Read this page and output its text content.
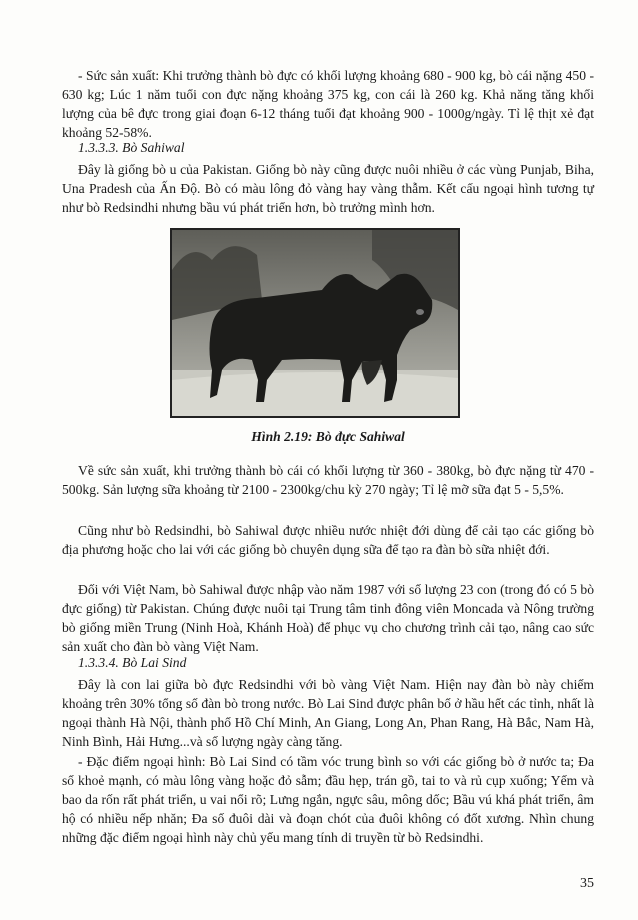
- Sức sản xuất: Khi trưởng thành bò đực có khối lượng khoảng 680 - 900 kg, bò cái nặng 450 - 630 kg; Lúc 1 năm tuổi con đực nặng khoảng 375 kg, con cái là 260 kg. Khả năng tăng khối lượng của bê đực trong giai đoạn 6-12 tháng tuổi đạt khoảng 900 - 1000g/ngày. Tỉ lệ thịt xẻ đạt khoảng 52-58%.

1.3.3.3. Bò Sahiwal

Đây là giống bò u của Pakistan. Giống bò này cũng được nuôi nhiều ở các vùng Punjab, Biha, Una Pradesh của Ấn Độ. Bò có màu lông đỏ vàng hay vàng thẫm. Kết cấu ngoại hình tương tự như bò Redsindhi nhưng bầu vú phát triển hơn, bò trưởng mình hơn.

Hình 2.19: Bò đực Sahiwal

Về sức sản xuất, khi trưởng thành bò cái có khối lượng từ 360 - 380kg, bò đực nặng từ 470 - 500kg. Sản lượng sữa khoảng từ 2100 - 2300kg/chu kỳ 270 ngày; Tỉ lệ mỡ sữa đạt 5 - 5,5%.

Cũng như bò Redsindhi, bò Sahiwal được nhiều nước nhiệt đới dùng để cải tạo các giống bò địa phương hoặc cho lai với các giống bò chuyên dụng sữa để tạo ra đàn bò sữa nhiệt đới.

Đối với Việt Nam, bò Sahiwal được nhập vào năm 1987 với số lượng 23 con (trong đó có 5 bò đực giống) từ Pakistan. Chúng được nuôi tại Trung tâm tinh đông viên Moncada và Nông trường bò giống miền Trung (Ninh Hoà, Khánh Hoà) để phục vụ cho chương trình cải tạo, nâng cao sức sản xuất cho đàn bò vàng Việt Nam.

1.3.3.4. Bò Lai Sind

Đây là con lai giữa bò đực Redsindhi với bò vàng Việt Nam. Hiện nay đàn bò này chiếm khoảng trên 30% tổng số đàn bò trong nước. Bò Lai Sind được phân bố ở hầu hết các tỉnh, nhất là ngoại thành Hà Nội, thành phố Hồ Chí Minh, An Giang, Long An, Phan Rang, Hà Bắc, Nam Hà, Ninh Bình, Hải Hưng...và số lượng ngày càng tăng.

- Đặc điểm ngoại hình: Bò Lai Sind có tầm vóc trung bình so với các giống bò ở nước ta; Đa số khoẻ mạnh, có màu lông vàng hoặc đỏ sẫm; đầu hẹp, trán gồ, tai to và rủ cụp xuống; Yếm và bao da rốn rất phát triển, u vai nổi rõ; Lưng ngắn, ngực sâu, mông dốc; Bầu vú khá phát triển, âm hộ có nhiều nếp nhăn; Đa số đuôi dài và đoạn chót của đuôi không có đốt xương. Nhìn chung những đặc điểm ngoại hình này chủ yếu mang tính di truyền từ bò Redsindhi.

35
